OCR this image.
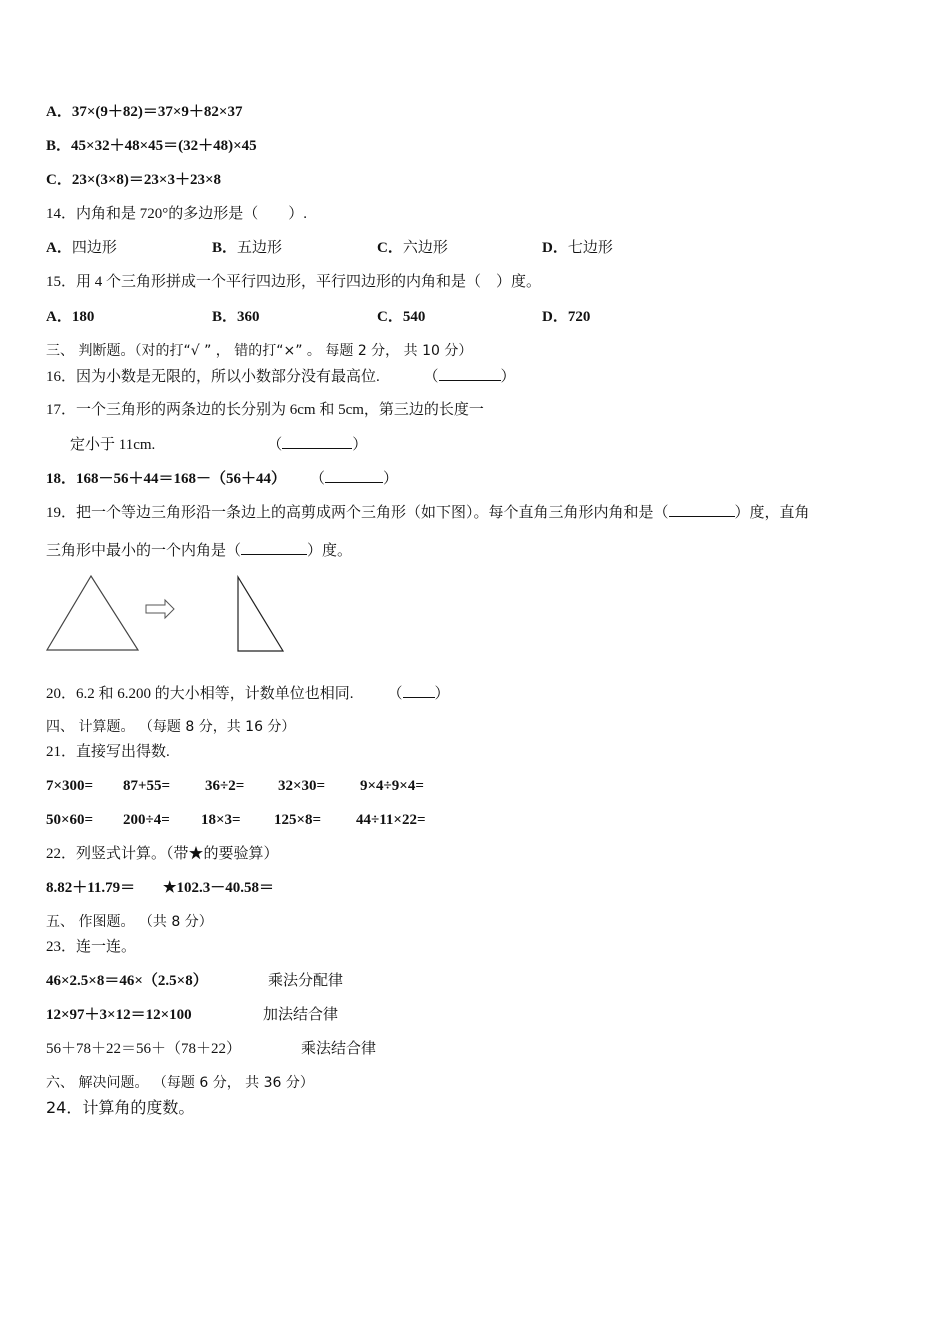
A．37×(9＋82)＝37×9＋82×37
B．45×32＋48×45＝(32＋48)×45
C．23×(3×8)＝23×3＋23×8
14．内角和是 720°的多边形是（　　）.
A．四边形	B．五边形	C．六边形	D．七边形
15．用 4 个三角形拼成一个平行四边形，平行四边形的内角和是（　）度。
A．180	B．360	C．540	D．720
三、 判断题。（对的打“√ ” ， 错的打“×” 。 每题 2 分， 共 10 分）
16．因为小数是无限的，所以小数部分没有最高位.	（	）
17．一个三角形的两条边的长分别为 6cm 和 5cm，第三边的长度一
定小于 11cm.	（	）
18．168－56＋44＝168－（56＋44） （	）
19．把一个等边三角形沿一条边上的高剪成两个三角形（如下图）。每个直角三角形内角和是（	）度，直角
三角形中最小的一个内角是（	）度。
20．6.2 和 6.200 的大小相等，计数单位也相同. （ ）
四、 计算题。 （每题 8 分，共 16 分）
21．直接写出得数.
7×300= 87+55= 36÷2= 32×30= 9×4÷9×4=
50×60= 200÷4= 18×3= 125×8= 44÷11×22=
22．列竖式计算。（带★的要验算）
8.82＋11.79＝ ★102.3－40.58＝
五、 作图题。 （共 8 分）
23．连一连。
46×2.5×8＝46×（2.5×8）	乘法分配律
12×97＋3×12＝12×100	加法结合律
56＋78＋22＝56＋（78＋22）	乘法结合律
六、 解决问题。 （每题 6 分， 共 36 分）
24．计算角的度数。
